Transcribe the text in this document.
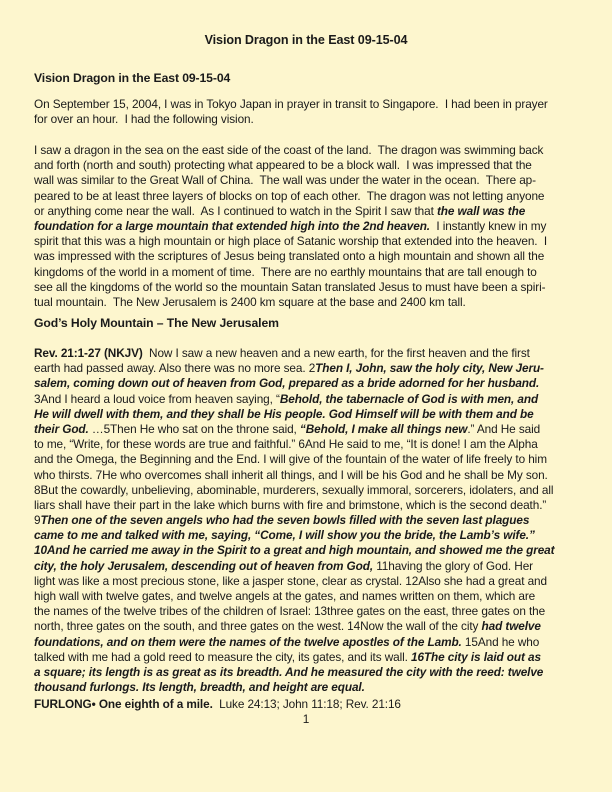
Vision Dragon in the East 09-15-04
Vision Dragon in the East 09-15-04
On September 15, 2004, I was in Tokyo Japan in prayer in transit to Singapore.  I had been in prayer
for over an hour.  I had the following vision.
I saw a dragon in the sea on the east side of the coast of the land.  The dragon was swimming back
and forth (north and south) protecting what appeared to be a block wall.  I was impressed that the
wall was similar to the Great Wall of China.  The wall was under the water in the ocean.  There ap-
peared to be at least three layers of blocks on top of each other.  The dragon was not letting anyone
or anything come near the wall.  As I continued to watch in the Spirit I saw that the wall was the
foundation for a large mountain that extended high into the 2nd heaven.  I instantly knew in my
spirit that this was a high mountain or high place of Satanic worship that extended into the heaven.  I
was impressed with the scriptures of Jesus being translated onto a high mountain and shown all the
kingdoms of the world in a moment of time.  There are no earthly mountains that are tall enough to
see all the kingdoms of the world so the mountain Satan translated Jesus to must have been a spiri-
tual mountain.  The New Jerusalem is 2400 km square at the base and 2400 km tall.
God’s Holy Mountain – The New Jerusalem
Rev. 21:1-27 (NKJV)  Now I saw a new heaven and a new earth, for the first heaven and the first
earth had passed away. Also there was no more sea. 2Then I, John, saw the holy city, New Jeru-
salem, coming down out of heaven from God, prepared as a bride adorned for her husband.
3And I heard a loud voice from heaven saying, “Behold, the tabernacle of God is with men, and
He will dwell with them, and they shall be His people. God Himself will be with them and be
their God. …5Then He who sat on the throne said, “Behold, I make all things new.” And He said
to me, “Write, for these words are true and faithful.” 6And He said to me, “It is done! I am the Alpha
and the Omega, the Beginning and the End. I will give of the fountain of the water of life freely to him
who thirsts. 7He who overcomes shall inherit all things, and I will be his God and he shall be My son.
8But the cowardly, unbelieving, abominable, murderers, sexually immoral, sorcerers, idolaters, and all
liars shall have their part in the lake which burns with fire and brimstone, which is the second death.”
9Then one of the seven angels who had the seven bowls filled with the seven last plagues
came to me and talked with me, saying, “Come, I will show you the bride, the Lamb’s wife.”
10And he carried me away in the Spirit to a great and high mountain, and showed me the great
city, the holy Jerusalem, descending out of heaven from God, 11having the glory of God. Her
light was like a most precious stone, like a jasper stone, clear as crystal. 12Also she had a great and
high wall with twelve gates, and twelve angels at the gates, and names written on them, which are
the names of the twelve tribes of the children of Israel: 13three gates on the east, three gates on the
north, three gates on the south, and three gates on the west. 14Now the wall of the city had twelve
foundations, and on them were the names of the twelve apostles of the Lamb. 15And he who
talked with me had a gold reed to measure the city, its gates, and its wall. 16The city is laid out as
a square; its length is as great as its breadth. And he measured the city with the reed: twelve
thousand furlongs. Its length, breadth, and height are equal.
FURLONG• One eighth of a mile.  Luke 24:13; John 11:18; Rev. 21:16
1
